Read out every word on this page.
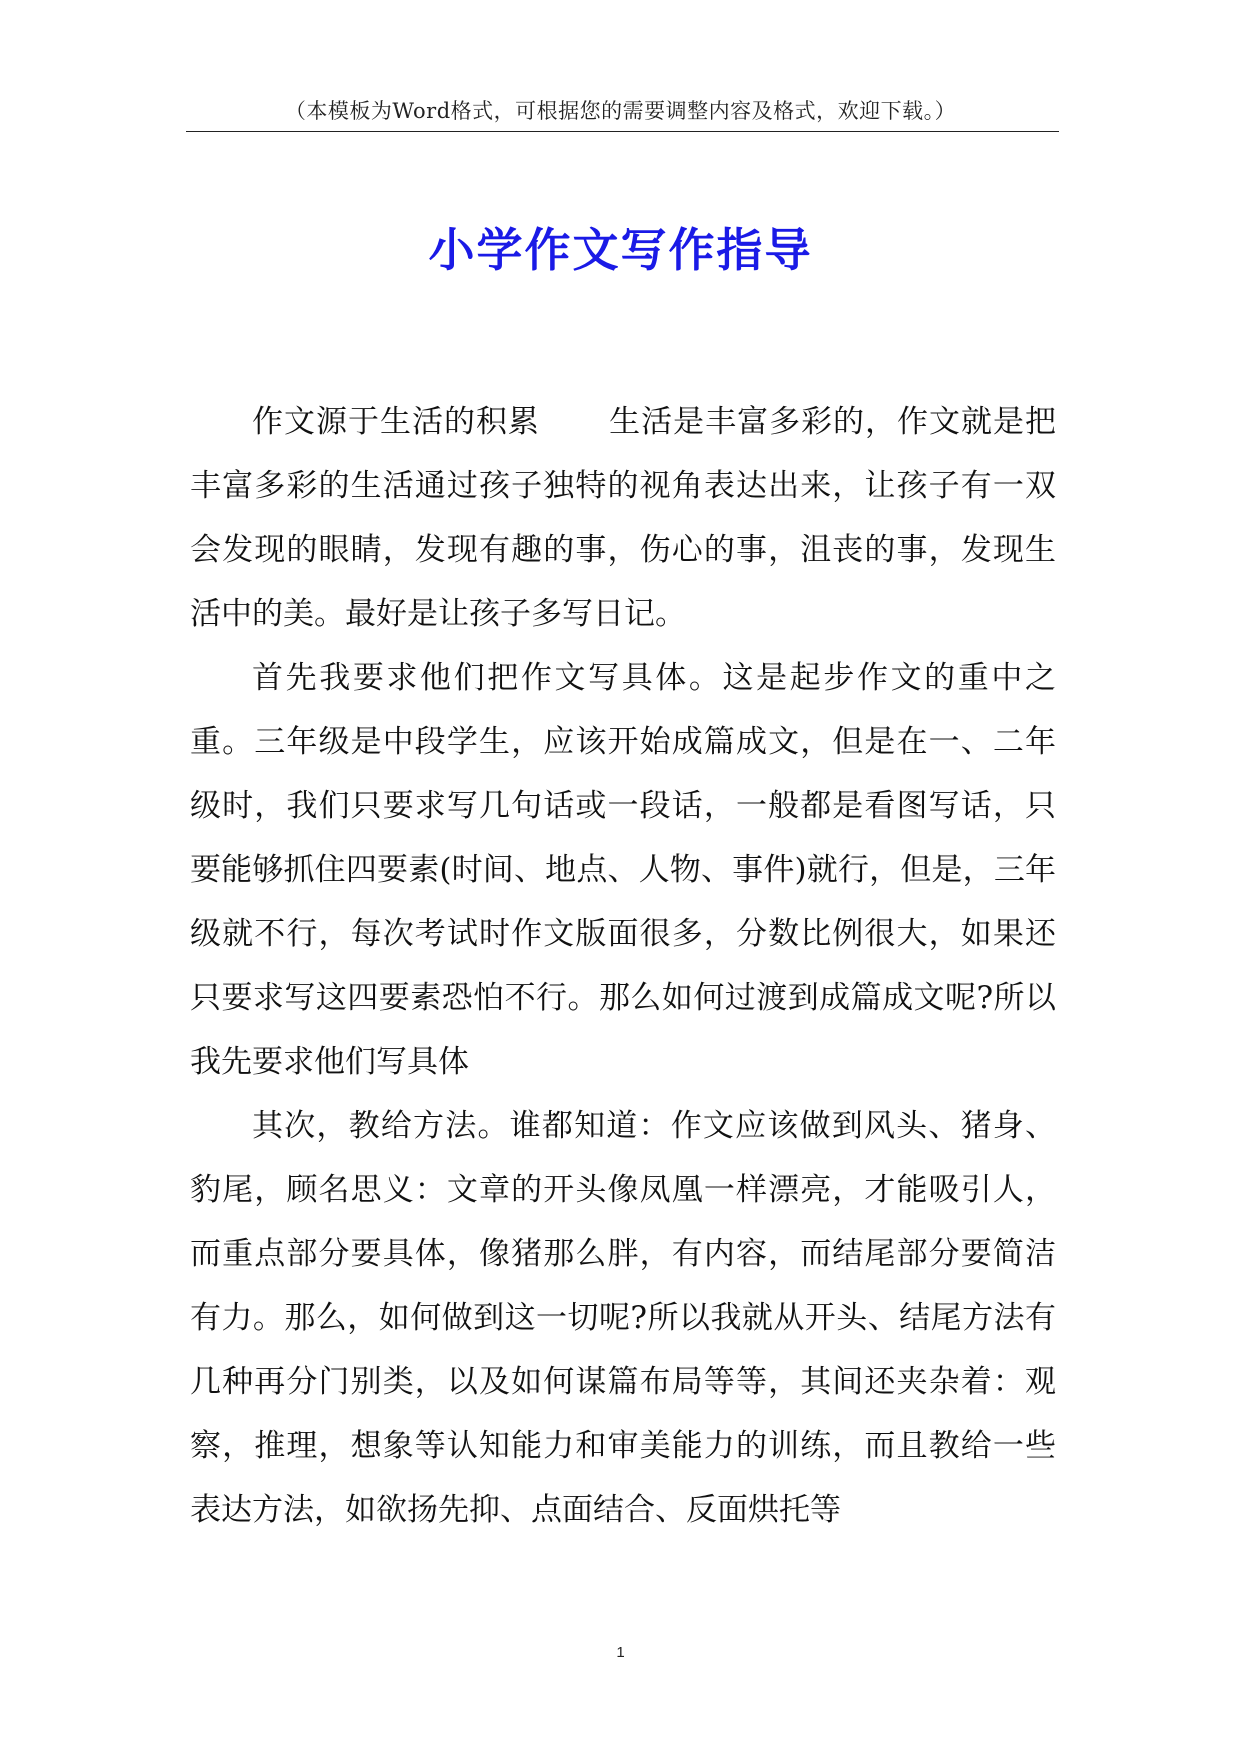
（本模板为Word格式，可根据您的需要调整内容及格式，欢迎下载。）
小学作文写作指导

作文源于生活的积累 生活是丰富多彩的，作文就是把丰富多彩的生活通过孩子独特的视角表达出来，让孩子有一双会发现的眼睛，发现有趣的事，伤心的事，沮丧的事，发现生活中的美。最好是让孩子多写日记。

首先我要求他们把作文写具体。这是起步作文的重中之重。三年级是中段学生，应该开始成篇成文，但是在一、二年级时，我们只要求写几句话或一段话，一般都是看图写话，只要能够抓住四要素(时间、地点、人物、事件)就行，但是，三年级就不行，每次考试时作文版面很多，分数比例很大，如果还只要求写这四要素恐怕不行。那么如何过渡到成篇成文呢?所以我先要求他们写具体

其次，教给方法。谁都知道：作文应该做到风头、猪身、豹尾，顾名思义：文章的开头像凤凰一样漂亮，才能吸引人，而重点部分要具体，像猪那么胖，有内容，而结尾部分要简洁有力。那么，如何做到这一切呢?所以我就从开头、结尾方法有几种再分门别类，以及如何谋篇布局等等，其间还夹杂着：观察，推理，想象等认知能力和审美能力的训练，而且教给一些表达方法，如欲扬先抑、点面结合、反面烘托等

1
